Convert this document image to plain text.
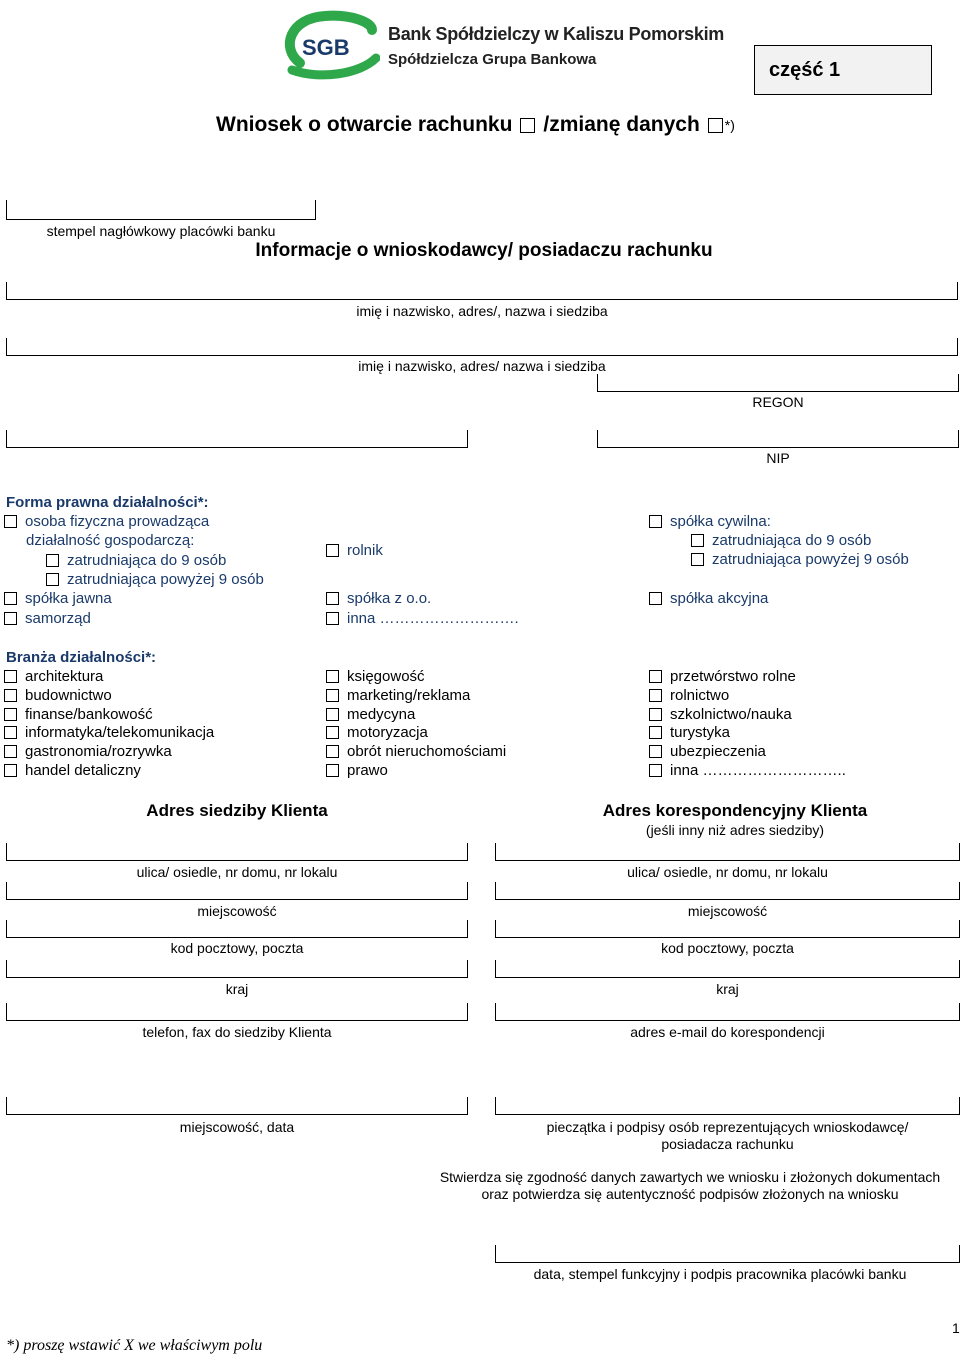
SGB
Bank Spółdzielczy w Kaliszu Pomorskim
Spółdzielcza Grupa Bankowa	część 1
Wniosek o otwarcie rachunku /zmianę danych *)
stempel nagłówkowy placówki banku
Informacje o wnioskodawcy/ posiadaczu rachunku
imię i nazwisko, adres/, nazwa i siedziba
imię i nazwisko, adres/ nazwa i siedziba
REGON
NIP
Forma prawna działalności*:
osoba fizyczna prowadząca
działalność gospodarczą:
zatrudniająca do 9 osób
zatrudniająca powyżej 9 osób
spółka jawna
samorząd
rolnik
spółka z o.o.
inna ……………………….
spółka cywilna:
zatrudniająca do 9 osób
zatrudniająca powyżej 9 osób
spółka akcyjna
Branża działalności*:
architektura
budownictwo
finanse/bankowość
informatyka/telekomunikacja
gastronomia/rozrywka
handel detaliczny
księgowość
marketing/reklama
medycyna
motoryzacja
obrót nieruchomościami
prawo
przetwórstwo rolne
rolnictwo
szkolnictwo/nauka
turystyka
ubezpieczenia
inna ………………………..
Adres siedziby Klienta	Adres korespondencyjny Klienta
(jeśli inny niż adres siedziby)
ulica/ osiedle, nr domu, nr lokalu	ulica/ osiedle, nr domu, nr lokalu
miejscowość	miejscowość
kod pocztowy, poczta	kod pocztowy, poczta
kraj	kraj
telefon, fax do siedziby Klienta	adres e-mail do korespondencji
miejscowość, data	pieczątka i podpisy osób reprezentujących wnioskodawcę/
posiadacza rachunku
Stwierdza się zgodność danych zawartych we wniosku i złożonych dokumentach
oraz potwierdza się autentyczność podpisów złożonych na wniosku
data, stempel funkcyjny i podpis pracownika placówki banku
*) proszę wstawić X we właściwym polu
1
